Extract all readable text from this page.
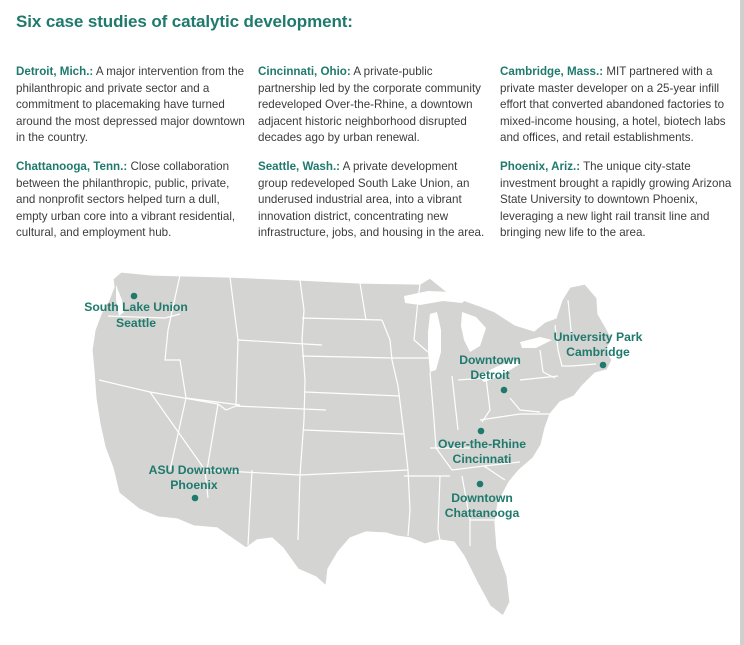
Six case studies of catalytic development:

Detroit, Mich.: A major intervention from the philanthropic and private sector and a commitment to placemaking have turned around the most depressed major downtown in the country.

Chattanooga, Tenn.: Close collaboration between the philanthropic, public, private, and nonprofit sectors helped turn a dull, empty urban core into a vibrant residential, cultural, and employment hub.

Cincinnati, Ohio: A private-public partnership led by the corporate community redeveloped Over-the-Rhine, a downtown adjacent historic neighborhood disrupted decades ago by urban renewal.

Seattle, Wash.: A private development group redeveloped South Lake Union, an underused industrial area, into a vibrant innovation district, concentrating new infrastructure, jobs, and housing in the area.

Cambridge, Mass.: MIT partnered with a private master developer on a 25-year infill effort that converted abandoned factories to mixed-income housing, a hotel, biotech labs and offices, and retail establishments.

Phoenix, Ariz.: The unique city-state investment brought a rapidly growing Arizona State University to downtown Phoenix, leveraging a new light rail transit line and bringing new life to the area.

South Lake Union
Seattle
University Park
Cambridge
Downtown
Detroit
Over-the-Rhine
Cincinnati
ASU Downtown
Phoenix
Downtown
Chattanooga
